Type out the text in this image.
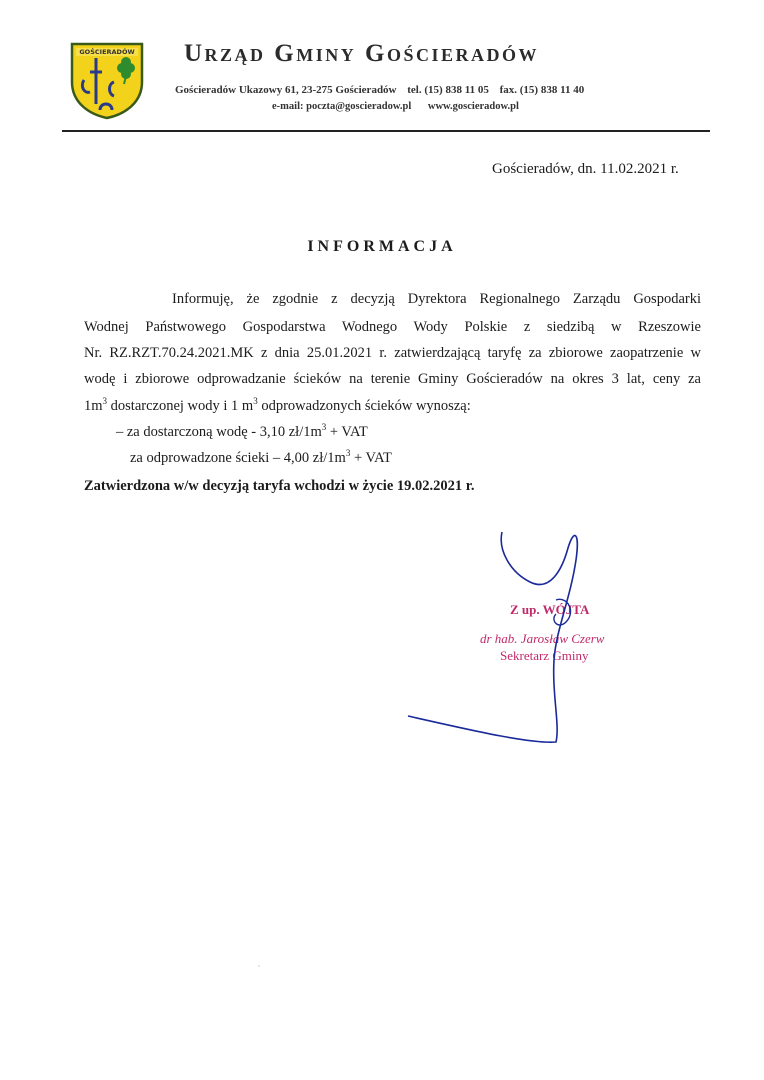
GOŚCIERADÓW Urząd Gminy Gościeradów
Gościeradów Ukazowy 61, 23-275 Gościeradów tel. (15) 838 11 05 fax. (15) 838 11 40
e-mail: poczta@goscieradow.pl www.goscieradow.pl
Gościeradów, dn. 11.02.2021 r.
INFORMACJA
Informuję, że zgodnie z decyzją Dyrektora Regionalnego Zarządu Gospodarki
Wodnej Państwowego Gospodarstwa Wodnego Wody Polskie z siedzibą w Rzeszowie
Nr. RZ.RZT.70.24.2021.MK z dnia 25.01.2021 r. zatwierdzającą taryfę za zbiorowe zaopatrzenie w
wodę i zbiorowe odprowadzanie ścieków na terenie Gminy Gościeradów na okres 3 lat, ceny za
$1m^3$ dostarczonej wody i 1 $m^3$ odprowadzonych ścieków wynoszą:
– za dostarczoną wodę - 3,10 $zł/1m^3$ + VAT
za odprowadzone ścieki – 4,00 $zł/1m^3$ + VAT
Zatwierdzona w/w decyzją taryfa wchodzi w życie 19.02.2021 r.
Z up. WÓJTA
dr hab. Jarosław Czerw
Sekretarz Gminy
